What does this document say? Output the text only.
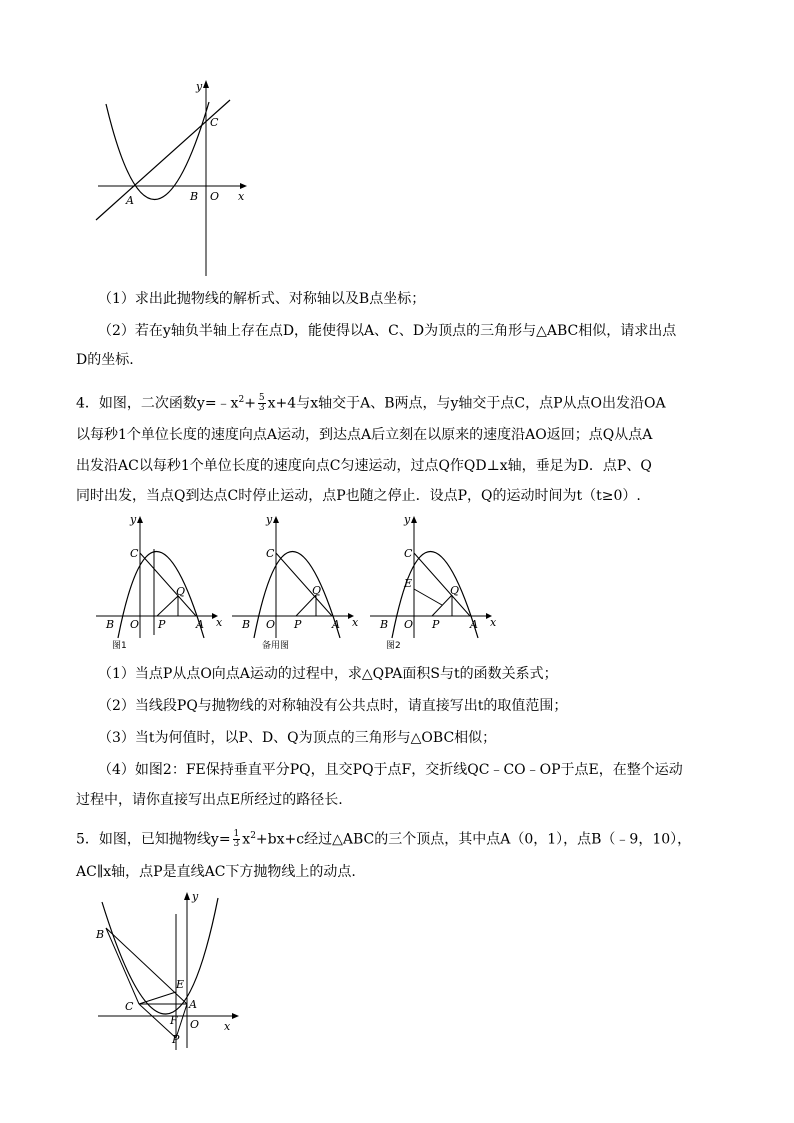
y
x
C
A	B O
（1）求出此抛物线的解析式、对称轴以及B点坐标；
（2）若在y轴负半轴上存在点D，能使得以A、C、D为顶点的三角形与△ABC相似，请求出点
D的坐标.
4．如图，二次函数$y=﹣x^2+ \frac{5}{3} x+4$与x轴交于A、B两点，与y轴交于点C，点P从点O出发沿OA
以每秒1个单位长度的速度向点A运动，到达点A后立刻在以原来的速度沿AO返回；点Q从点A
出发沿AC以每秒1个单位长度的速度向点C匀速运动，过点Q作QD⊥x轴，垂足为D．点P、Q
同时出发，当点Q到达点C时停止运动，点P也随之停止．设点P，Q的运动时间为t（t≥0）.
y
x
C
Q
B O P	A
图1
y
x
C
Q
B O P	A
备用图
y
x
C
E
Q
B O P	A
图2
（1）当点P从点O向点A运动的过程中，求△QPA面积S与t的函数关系式；
（2）当线段PQ与抛物线的对称轴没有公共点时，请直接写出t的取值范围；
（3）当t为何值时，以P、D、Q为顶点的三角形与△OBC相似；
（4）如图2：FE保持垂直平分PQ，且交PQ于点F，交折线QC﹣CO﹣OP于点E，在整个运动
过程中，请你直接写出点E所经过的路径长.
5．如图，已知抛物线$y= \frac{1}{3} x^2+bx+c$经过△ABC的三个顶点，其中点A（0，1），点B（﹣9，10），
AC∥x轴，点P是直线AC下方抛物线上的动点.
y
x
B
E
C	A
F O
P
